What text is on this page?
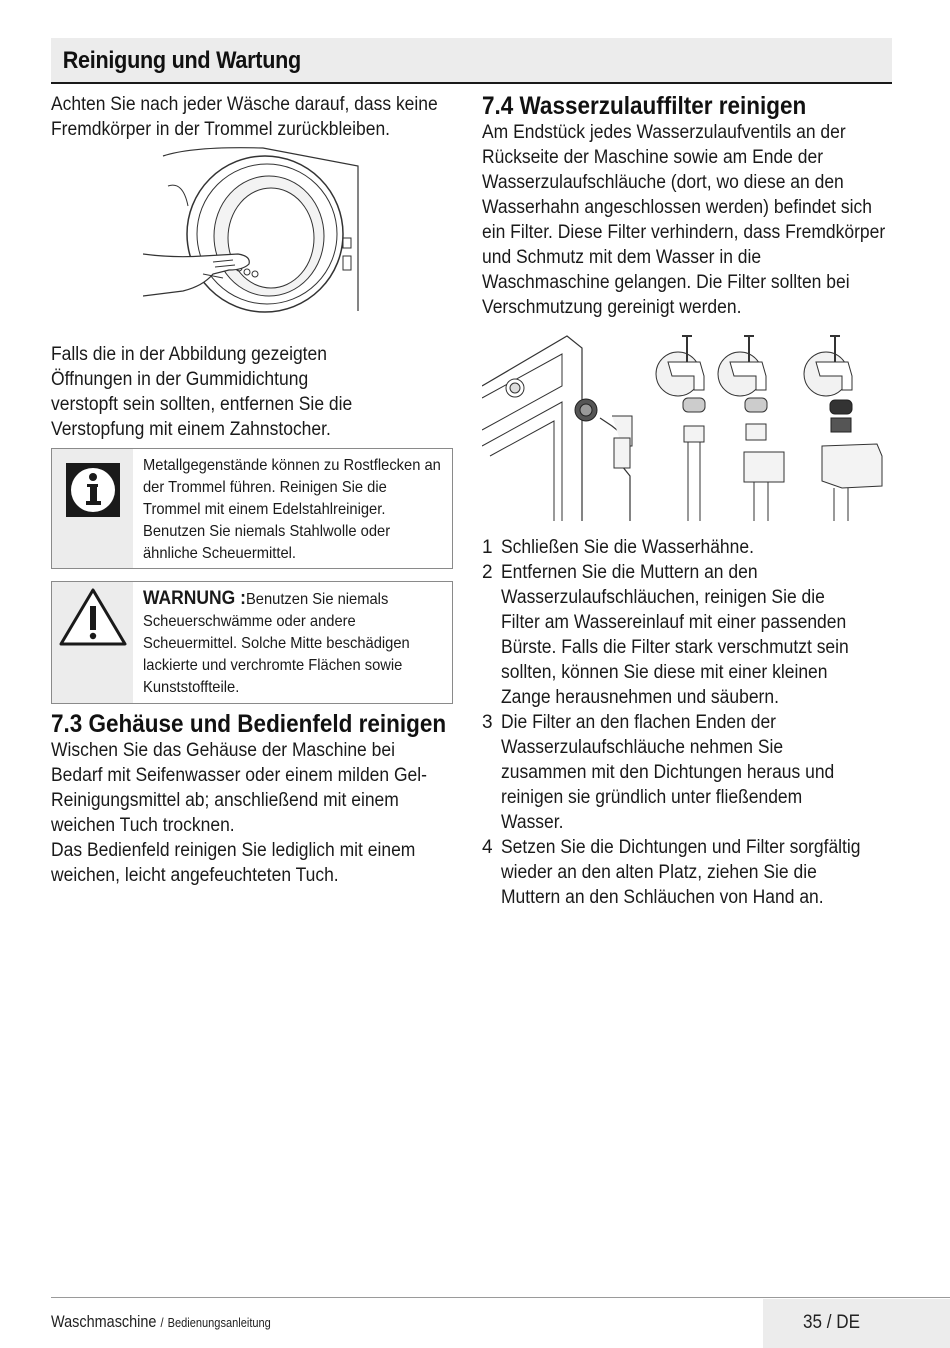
Reinigung und Wartung

Achten Sie nach jeder Wäsche darauf, dass keine Fremdkörper in der Trommel zurückbleiben.

Falls die in der Abbildung gezeigten Öffnungen in der Gummidichtung verstopft sein sollten, entfernen Sie die Verstopfung mit einem Zahnstocher.

Metallgegenstände können zu Rostflecken an der Trommel führen. Reinigen Sie die Trommel mit einem Edelstahlreiniger. Benutzen Sie niemals Stahlwolle oder ähnliche Scheuermittel.
WARNUNG :Benutzen Sie niemals Scheuerschwämme oder andere Scheuermittel. Solche Mitte beschädigen lackierte und verchromte Flächen sowie Kunststoffteile.
7.3 Gehäuse und Bedienfeld reinigen

Wischen Sie das Gehäuse der Maschine bei Bedarf mit Seifenwasser oder einem milden Gel-Reinigungsmittel ab; anschließend mit einem weichen Tuch trocknen.

Das Bedienfeld reinigen Sie lediglich mit einem weichen, leicht angefeuchteten Tuch.

7.4 Wasserzulauffilter reinigen

Am Endstück jedes Wasserzulaufventils an der Rückseite der Maschine sowie am Ende der Wasserzulaufschläuche (dort, wo diese an den Wasserhahn angeschlossen werden) befindet sich ein Filter. Diese Filter verhindern, dass Fremdkörper und Schmutz mit dem Wasser in die Waschmaschine gelangen. Die Filter sollten bei Verschmutzung gereinigt werden.

1 Schließen Sie die Wasserhähne.
2 Entfernen Sie die Muttern an den Wasserzulaufschläuchen, reinigen Sie die Filter am Wassereinlauf mit einer passenden Bürste. Falls die Filter stark verschmutzt sein sollten, können Sie diese mit einer kleinen Zange herausnehmen und säubern.
3 Die Filter an den flachen Enden der Wasserzulaufschläuche nehmen Sie zusammen mit den Dichtungen heraus und reinigen sie gründlich unter fließendem Wasser.
4 Setzen Sie die Dichtungen und Filter sorgfältig wieder an den alten Platz, ziehen Sie die Muttern an den Schläuchen von Hand an.
Waschmaschine / Bedienungsanleitung	35 / DE
